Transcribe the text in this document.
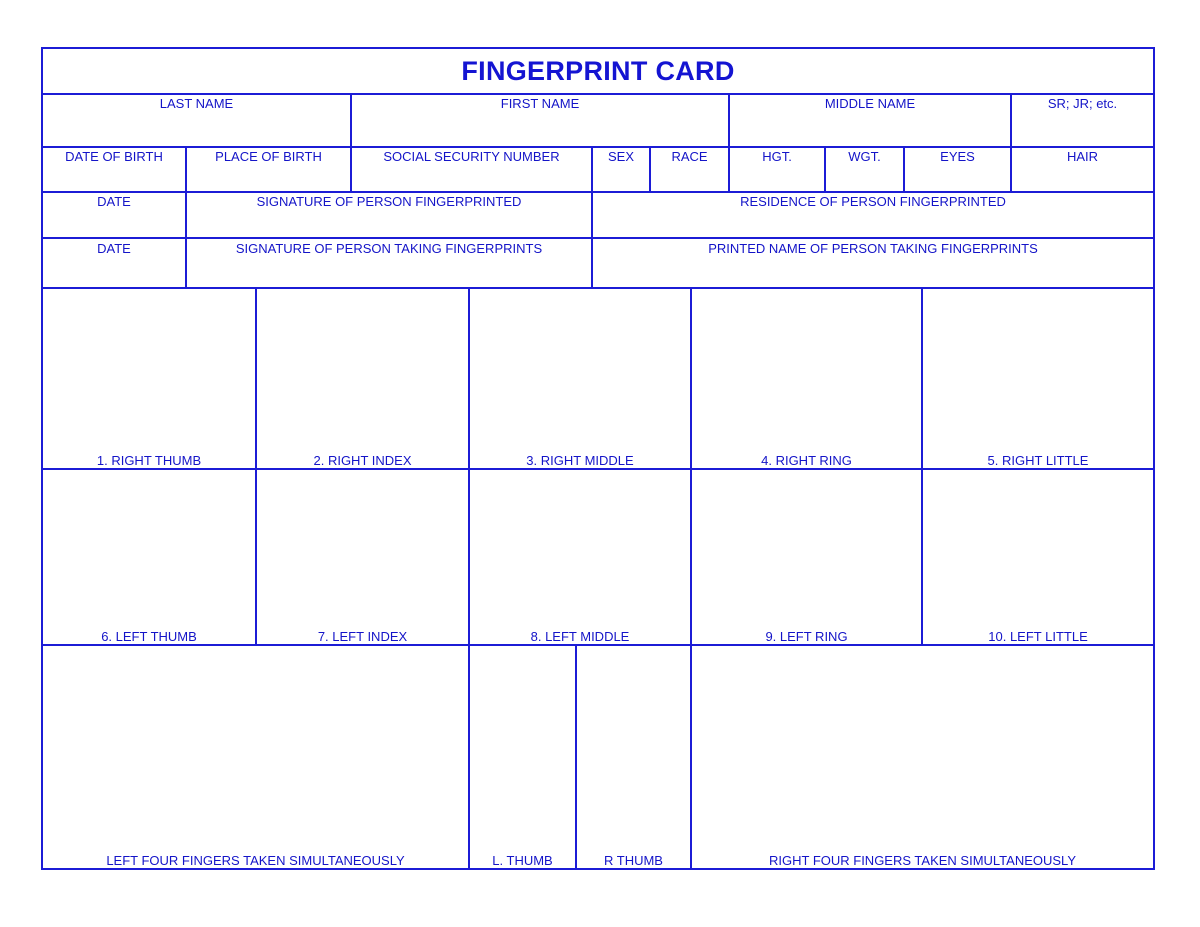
FINGERPRINT CARD
LAST NAME	FIRST NAME	MIDDLE NAME	SR; JR; etc.
DATE OF BIRTH	PLACE OF BIRTH	SOCIAL SECURITY NUMBER	SEX	RACE	HGT.	WGT.	EYES	HAIR
DATE	SIGNATURE OF PERSON FINGERPRINTED	RESIDENCE OF PERSON FINGERPRINTED
DATE	SIGNATURE OF PERSON TAKING FINGERPRINTS	PRINTED NAME OF PERSON TAKING FINGERPRINTS
1. RIGHT THUMB	2. RIGHT INDEX	3. RIGHT MIDDLE	4. RIGHT RING	5. RIGHT LITTLE
6. LEFT THUMB	7. LEFT INDEX	8. LEFT MIDDLE	9. LEFT RING	10. LEFT LITTLE
LEFT FOUR FINGERS TAKEN SIMULTANEOUSLY	L. THUMB	R THUMB	RIGHT FOUR FINGERS TAKEN SIMULTANEOUSLY
